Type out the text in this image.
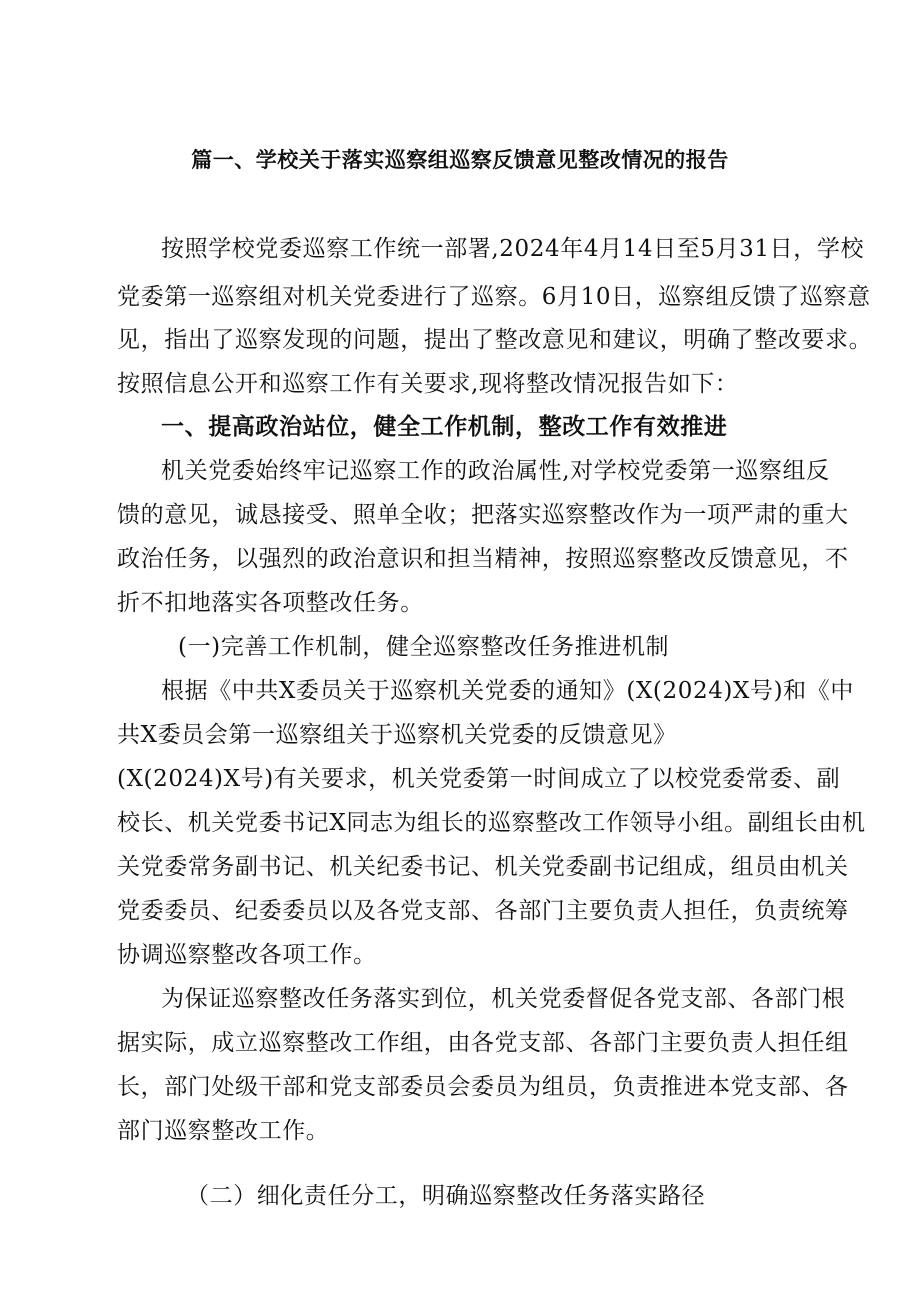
篇一、学校关于落实巡察组巡察反馈意见整改情况的报告
按照学校党委巡察工作统一部署,2024年4月14日至5月31日，学校
党委第一巡察组对机关党委进行了巡察。6月10日，巡察组反馈了巡察意
见，指出了巡察发现的问题，提出了整改意见和建议，明确了整改要求。
按照信息公开和巡察工作有关要求,现将整改情况报告如下：
一、提高政治站位，健全工作机制，整改工作有效推进
机关党委始终牢记巡察工作的政治属性,对学校党委第一巡察组反
馈的意见，诚恳接受、照单全收；把落实巡察整改作为一项严肃的重大
政治任务，以强烈的政治意识和担当精神，按照巡察整改反馈意见，不
折不扣地落实各项整改任务。
(一)完善工作机制，健全巡察整改任务推进机制
根据《中共X委员关于巡察机关党委的通知》(X(2024)X号)和《中
共X委员会第一巡察组关于巡察机关党委的反馈意见》
(X(2024)X号)有关要求，机关党委第一时间成立了以校党委常委、副
校长、机关党委书记X同志为组长的巡察整改工作领导小组。副组长由机
关党委常务副书记、机关纪委书记、机关党委副书记组成，组员由机关
党委委员、纪委委员以及各党支部、各部门主要负责人担任，负责统筹
协调巡察整改各项工作。
为保证巡察整改任务落实到位，机关党委督促各党支部、各部门根
据实际，成立巡察整改工作组，由各党支部、各部门主要负责人担任组
长，部门处级干部和党支部委员会委员为组员，负责推进本党支部、各
部门巡察整改工作。
（二）细化责任分工，明确巡察整改任务落实路径
